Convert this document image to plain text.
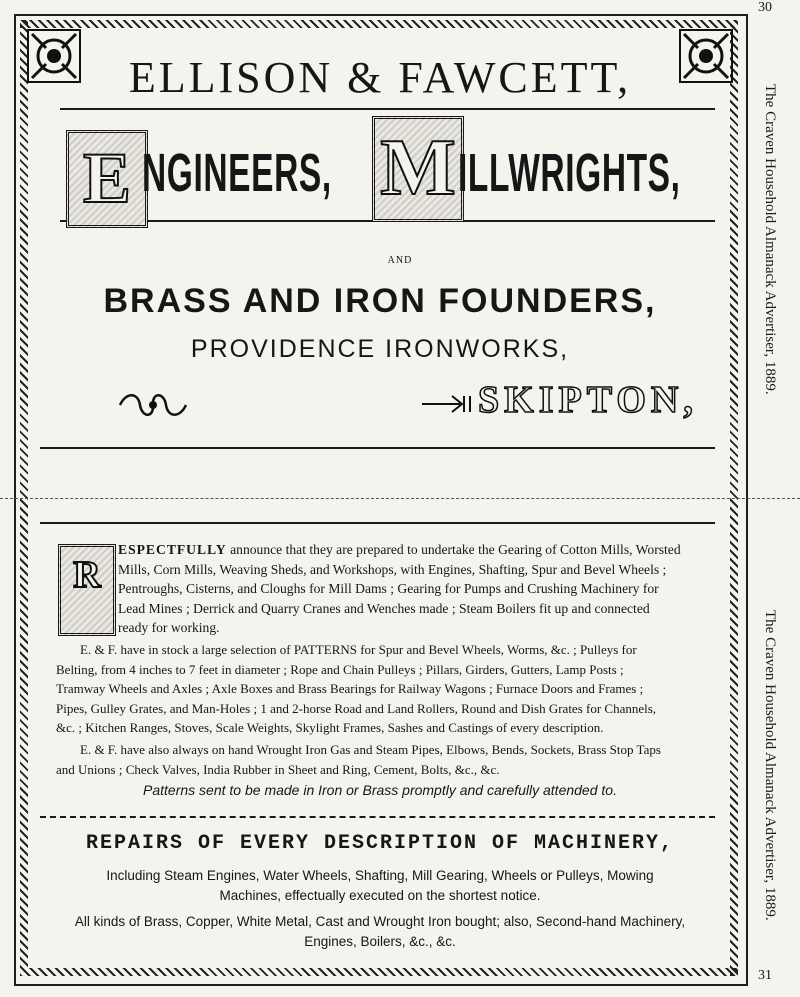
30
The Craven Household Almanack Advertiser, 1889.
The Craven Household Almanack Advertiser, 1889.
31
ELLISON & FAWCETT,
E NGINEERS, M ILLWRIGHTS,
AND
BRASS AND IRON FOUNDERS,
PROVIDENCE IRONWORKS,
SKIPTON,
R
ESPECTFULLY announce that they are prepared to undertake the Gearing of Cotton Mills, Worsted
Mills, Corn Mills, Weaving Sheds, and Workshops, with Engines, Shafting, Spur and Bevel Wheels ;
Pentroughs, Cisterns, and Cloughs for Mill Dams ; Gearing for Pumps and Crushing Machinery for
Lead Mines ; Derrick and Quarry Cranes and Wenches made ; Steam Boilers fit up and connected
ready for working.
E. & F. have in stock a large selection of PATTERNS for Spur and Bevel Wheels, Worms, &c. ; Pulleys for
Belting, from 4 inches to 7 feet in diameter ; Rope and Chain Pulleys ; Pillars, Girders, Gutters, Lamp Posts ;
Tramway Wheels and Axles ; Axle Boxes and Brass Bearings for Railway Wagons ; Furnace Doors and Frames ;
Pipes, Gulley Grates, and Man-Holes ; 1 and 2-horse Road and Land Rollers, Round and Dish Grates for Channels,
&c. ; Kitchen Ranges, Stoves, Scale Weights, Skylight Frames, Sashes and Castings of every description.
E. & F. have also always on hand Wrought Iron Gas and Steam Pipes, Elbows, Bends, Sockets, Brass Stop Taps
and Unions ; Check Valves, India Rubber in Sheet and Ring, Cement, Bolts, &c., &c.
Patterns sent to be made in Iron or Brass promptly and carefully attended to.
REPAIRS OF EVERY DESCRIPTION OF MACHINERY,
Including Steam Engines, Water Wheels, Shafting, Mill Gearing, Wheels or Pulleys, Mowing
Machines, effectually executed on the shortest notice.
All kinds of Brass, Copper, White Metal, Cast and Wrought Iron bought; also, Second-hand Machinery,
Engines, Boilers, &c., &c.
